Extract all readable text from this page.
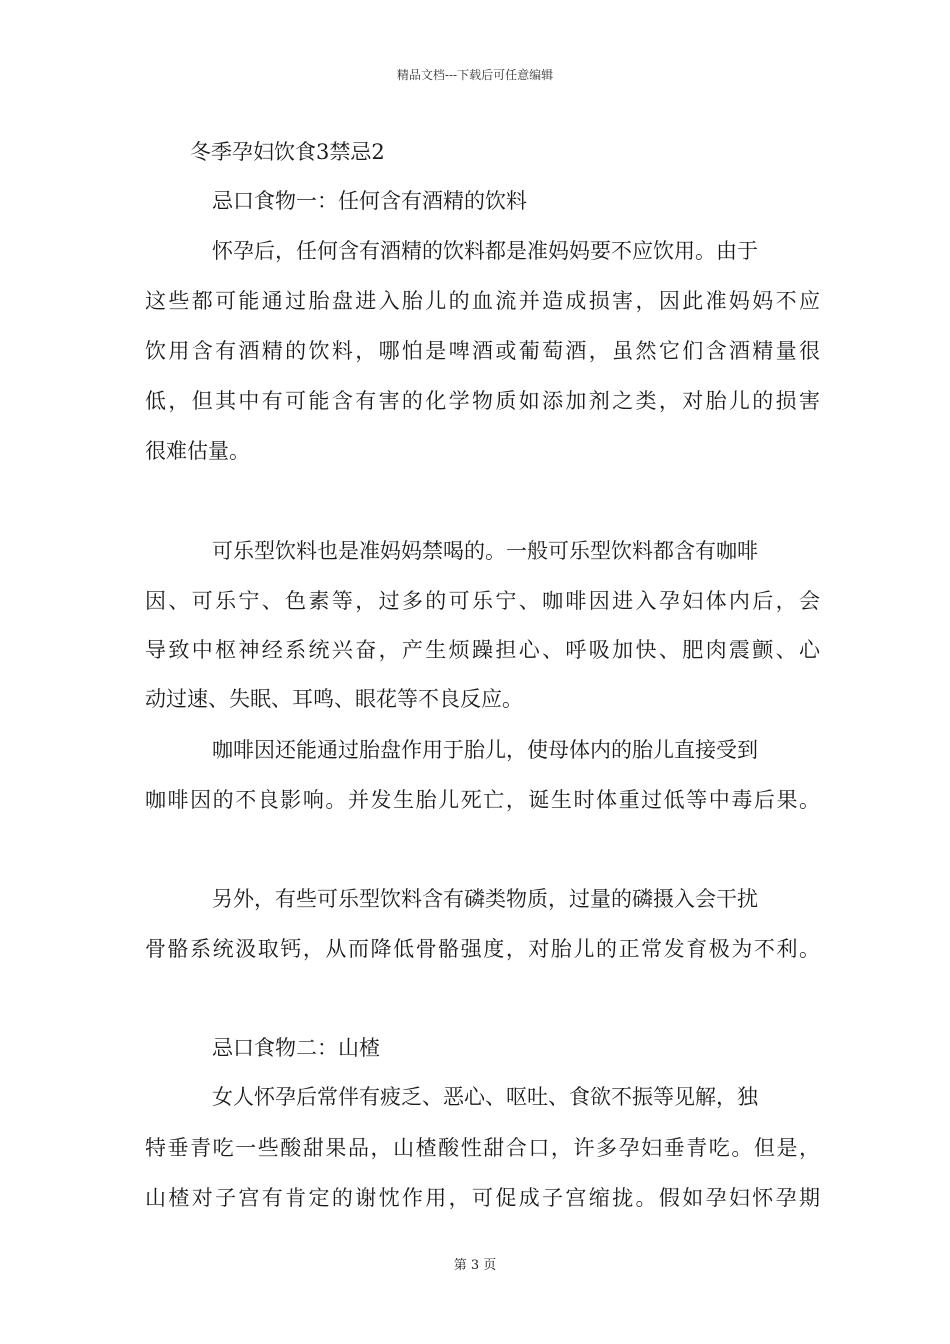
精品文档---下载后可任意编辑
冬季孕妇饮食3禁忌2
忌口食物一：任何含有酒精的饮料
怀孕后，任何含有酒精的饮料都是准妈妈要不应饮用。由于
这些都可能通过胎盘进入胎儿的血流并造成损害，因此准妈妈不应
饮用含有酒精的饮料，哪怕是啤酒或葡萄酒，虽然它们含酒精量很
低，但其中有可能含有害的化学物质如添加剂之类，对胎儿的损害
很难估量。
可乐型饮料也是准妈妈禁喝的。一般可乐型饮料都含有咖啡
因、可乐宁、色素等，过多的可乐宁、咖啡因进入孕妇体内后，会
导致中枢神经系统兴奋，产生烦躁担心、呼吸加快、肥肉震颤、心
动过速、失眠、耳鸣、眼花等不良反应。
咖啡因还能通过胎盘作用于胎儿，使母体内的胎儿直接受到
咖啡因的不良影响。并发生胎儿死亡，诞生时体重过低等中毒后果。
另外，有些可乐型饮料含有磷类物质，过量的磷摄入会干扰
骨骼系统汲取钙，从而降低骨骼强度，对胎儿的正常发育极为不利。
忌口食物二：山楂
女人怀孕后常伴有疲乏、恶心、呕吐、食欲不振等见解，独
特垂青吃一些酸甜果品，山楂酸性甜合口，许多孕妇垂青吃。但是，
山楂对子宫有肯定的谢忱作用，可促成子宫缩拢。假如孕妇怀孕期
第 3 页
